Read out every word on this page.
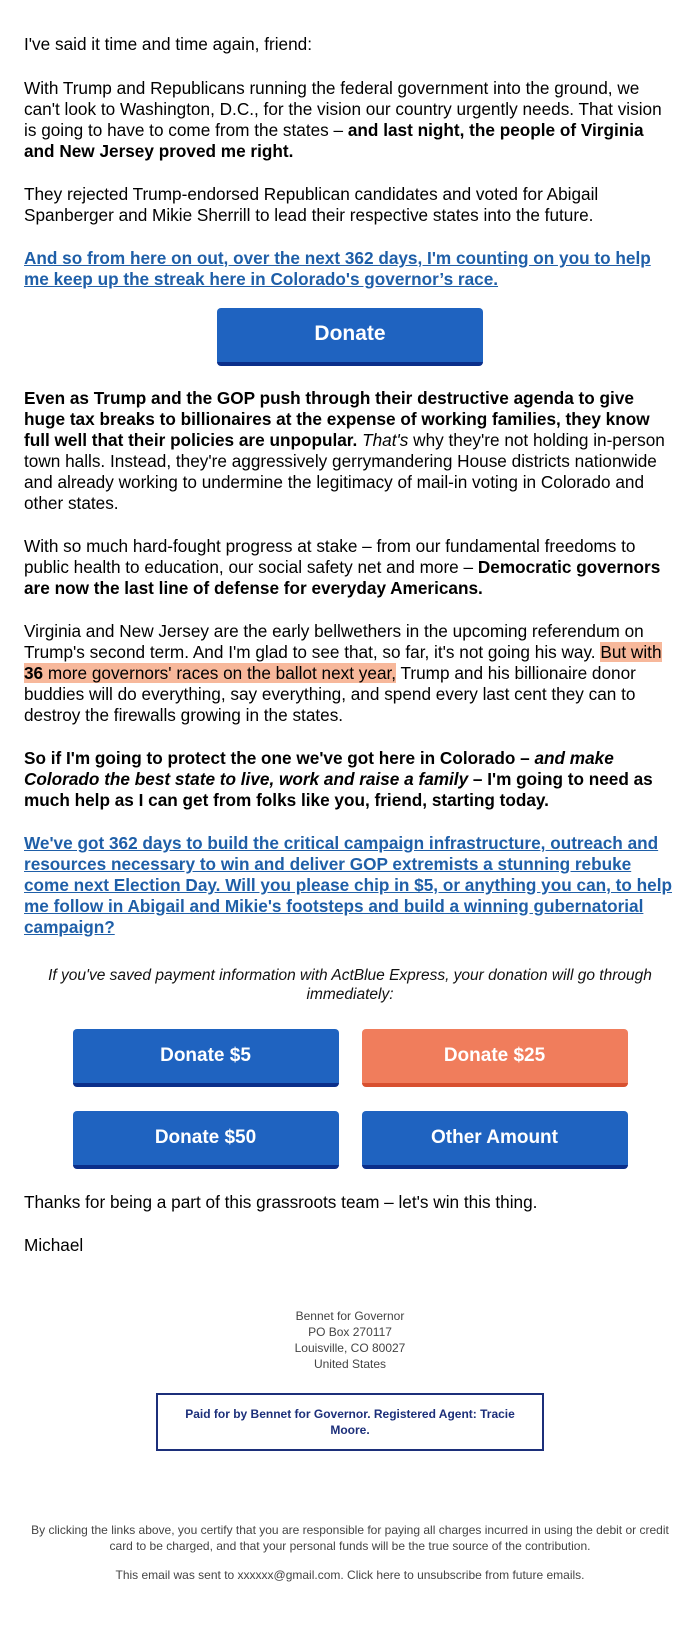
I've said it time and time again, friend:

With Trump and Republicans running the federal government into the ground, we can't look to Washington, D.C., for the vision our country urgently needs. That vision is going to have to come from the states – and last night, the people of Virginia and New Jersey proved me right.

They rejected Trump-endorsed Republican candidates and voted for Abigail Spanberger and Mikie Sherrill to lead their respective states into the future.

And so from here on out, over the next 362 days, I'm counting on you to help me keep up the streak here in Colorado's governor’s race.

Donate

Even as Trump and the GOP push through their destructive agenda to give huge tax breaks to billionaires at the expense of working families, they know full well that their policies are unpopular. That's why they're not holding in-person town halls. Instead, they're aggressively gerrymandering House districts nationwide and already working to undermine the legitimacy of mail-in voting in Colorado and other states.

With so much hard-fought progress at stake – from our fundamental freedoms to public health to education, our social safety net and more – Democratic governors are now the last line of defense for everyday Americans.

Virginia and New Jersey are the early bellwethers in the upcoming referendum on Trump's second term. And I'm glad to see that, so far, it's not going his way. But with 36 more governors' races on the ballot next year, Trump and his billionaire donor buddies will do everything, say everything, and spend every last cent they can to destroy the firewalls growing in the states.

So if I'm going to protect the one we've got here in Colorado – and make Colorado the best state to live, work and raise a family – I'm going to need as much help as I can get from folks like you, friend, starting today.

We've got 362 days to build the critical campaign infrastructure, outreach and resources necessary to win and deliver GOP extremists a stunning rebuke come next Election Day. Will you please chip in $5, or anything you can, to help me follow in Abigail and Mikie's footsteps and build a winning gubernatorial campaign?

If you've saved payment information with ActBlue Express, your donation will go through immediately:
Donate $5	Donate $25
Donate $50	Other Amount

Thanks for being a part of this grassroots team – let's win this thing.

Michael

Bennet for Governor
PO Box 270117
Louisville, CO 80027
United States
Paid for by Bennet for Governor. Registered Agent: Tracie Moore.
By clicking the links above, you certify that you are responsible for paying all charges incurred in using the debit or credit card to be charged, and that your personal funds will be the true source of the contribution.
This email was sent to xxxxxx@gmail.com. Click here to unsubscribe from future emails.
